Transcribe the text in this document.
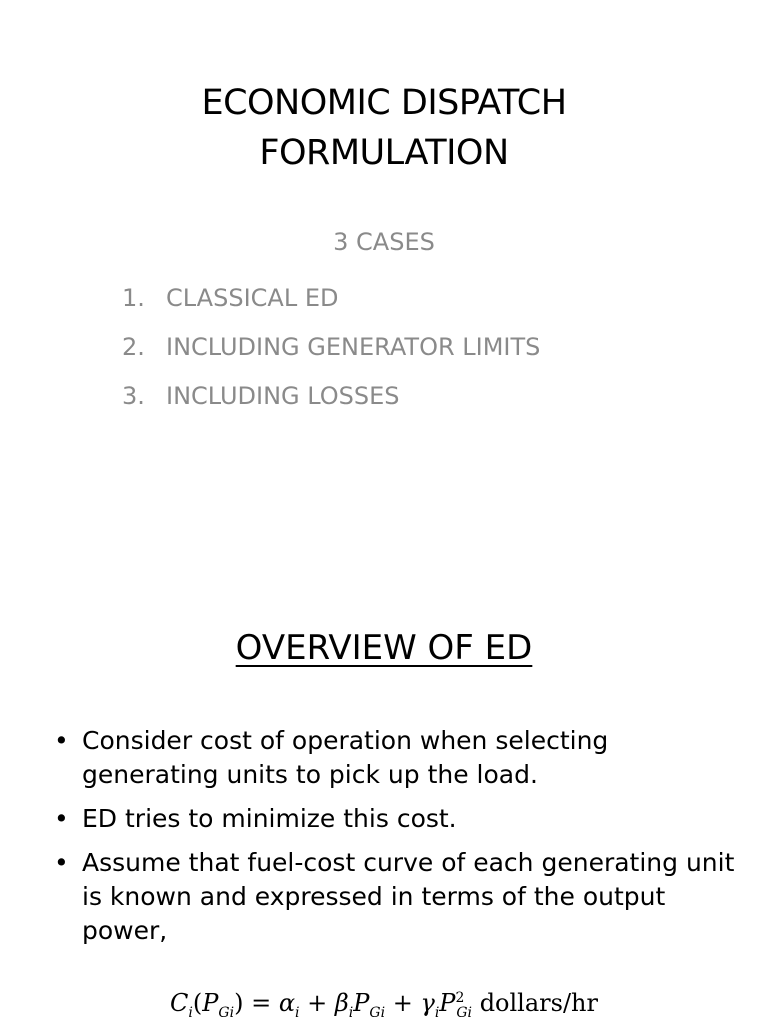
ECONOMIC DISPATCH
FORMULATION
3 CASES
1. CLASSICAL ED
2. INCLUDING GENERATOR LIMITS
3. INCLUDING LOSSES
OVERVIEW OF ED
• Consider cost of operation when selecting generating units to pick up the load.
• ED tries to minimize this cost.
• Assume that fuel-cost curve of each generating unit is known and expressed in terms of the output power,
$C_i(P_{Gi}) = \alpha_i + \beta_iP_{Gi} + \gamma_iP^2_{Gi}$ dollars/hr
